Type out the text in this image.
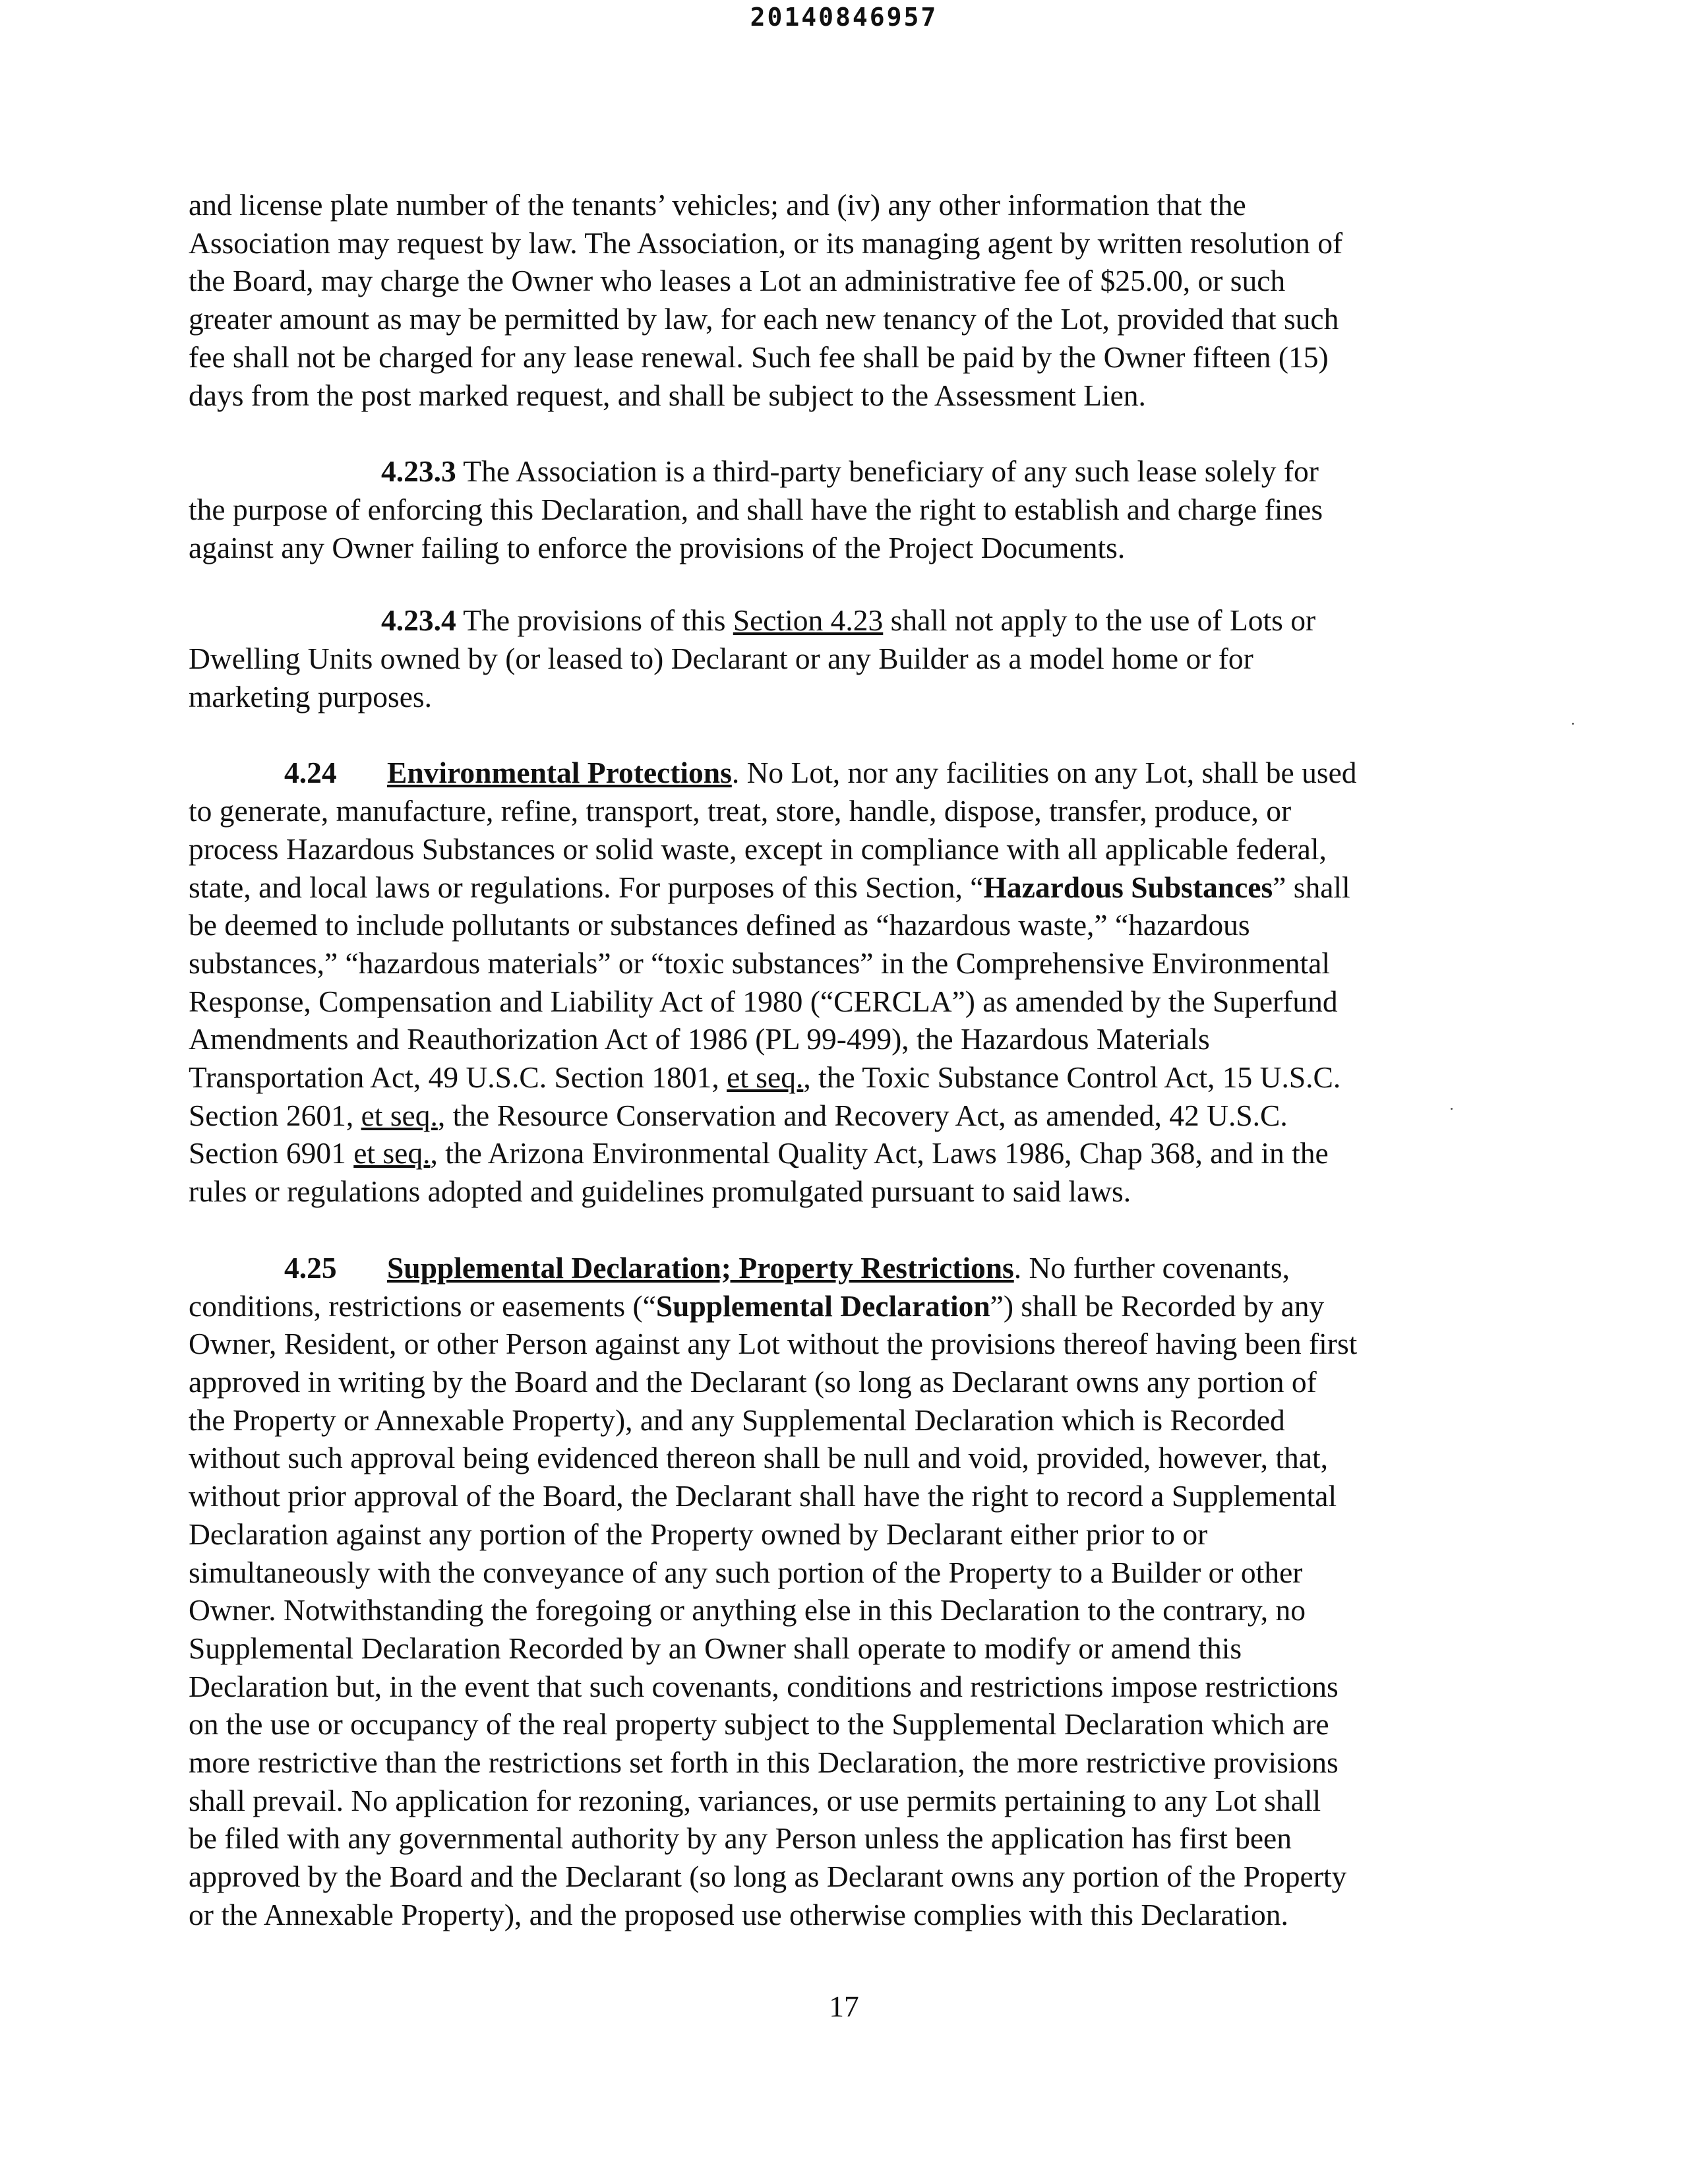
20140846957

and license plate number of the tenants’ vehicles; and (iv) any other information that the
Association may request by law. The Association, or its managing agent by written resolution of
the Board, may charge the Owner who leases a Lot an administrative fee of $25.00, or such
greater amount as may be permitted by law, for each new tenancy of the Lot, provided that such
fee shall not be charged for any lease renewal. Such fee shall be paid by the Owner fifteen (15)
days from the post marked request, and shall be subject to the Assessment Lien.

4.23.3 The Association is a third-party beneficiary of any such lease solely for
the purpose of enforcing this Declaration, and shall have the right to establish and charge fines
against any Owner failing to enforce the provisions of the Project Documents.

4.23.4 The provisions of this Section 4.23 shall not apply to the use of Lots or
Dwelling Units owned by (or leased to) Declarant or any Builder as a model home or for
marketing purposes.

4.24 Environmental Protections. No Lot, nor any facilities on any Lot, shall be used
to generate, manufacture, refine, transport, treat, store, handle, dispose, transfer, produce, or
process Hazardous Substances or solid waste, except in compliance with all applicable federal,
state, and local laws or regulations. For purposes of this Section, “Hazardous Substances” shall
be deemed to include pollutants or substances defined as “hazardous waste,” “hazardous
substances,” “hazardous materials” or “toxic substances” in the Comprehensive Environmental
Response, Compensation and Liability Act of 1980 (“CERCLA”) as amended by the Superfund
Amendments and Reauthorization Act of 1986 (PL 99-499), the Hazardous Materials
Transportation Act, 49 U.S.C. Section 1801, et seq., the Toxic Substance Control Act, 15 U.S.C.
Section 2601, et seq., the Resource Conservation and Recovery Act, as amended, 42 U.S.C.
Section 6901 et seq., the Arizona Environmental Quality Act, Laws 1986, Chap 368, and in the
rules or regulations adopted and guidelines promulgated pursuant to said laws.

4.25 Supplemental Declaration; Property Restrictions. No further covenants,
conditions, restrictions or easements (“Supplemental Declaration”) shall be Recorded by any
Owner, Resident, or other Person against any Lot without the provisions thereof having been first
approved in writing by the Board and the Declarant (so long as Declarant owns any portion of
the Property or Annexable Property), and any Supplemental Declaration which is Recorded
without such approval being evidenced thereon shall be null and void, provided, however, that,
without prior approval of the Board, the Declarant shall have the right to record a Supplemental
Declaration against any portion of the Property owned by Declarant either prior to or
simultaneously with the conveyance of any such portion of the Property to a Builder or other
Owner. Notwithstanding the foregoing or anything else in this Declaration to the contrary, no
Supplemental Declaration Recorded by an Owner shall operate to modify or amend this
Declaration but, in the event that such covenants, conditions and restrictions impose restrictions
on the use or occupancy of the real property subject to the Supplemental Declaration which are
more restrictive than the restrictions set forth in this Declaration, the more restrictive provisions
shall prevail. No application for rezoning, variances, or use permits pertaining to any Lot shall
be filed with any governmental authority by any Person unless the application has first been
approved by the Board and the Declarant (so long as Declarant owns any portion of the Property
or the Annexable Property), and the proposed use otherwise complies with this Declaration.

17
